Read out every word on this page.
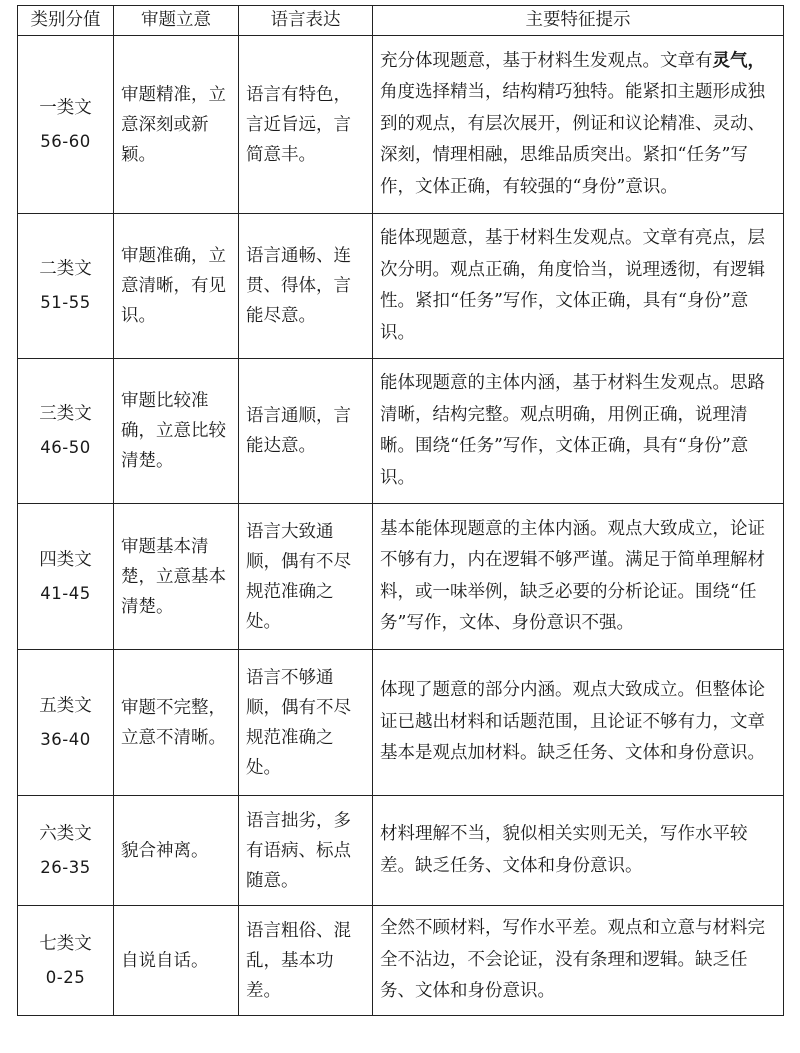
类别分值	审题立意	语言表达	主要特征提示

一类文
56-60	审题精准，立意深刻或新颖。	语言有特色，言近旨远，言简意丰。	充分体现题意，基于材料生发观点。文章有灵气，角度选择精当，结构精巧独特。能紧扣主题形成独到的观点，有层次展开，例证和议论精准、灵动、深刻，情理相融，思维品质突出。紧扣“任务”写作，文体正确，有较强的“身份”意识。

二类文
51-55	审题准确，立意清晰，有见识。	语言通畅、连贯、得体，言能尽意。	能体现题意，基于材料生发观点。文章有亮点，层次分明。观点正确，角度恰当，说理透彻，有逻辑性。紧扣“任务”写作，文体正确，具有“身份”意识。

三类文
46-50	审题比较准确，立意比较清楚。	语言通顺，言能达意。	能体现题意的主体内涵，基于材料生发观点。思路清晰，结构完整。观点明确，用例正确，说理清晰。围绕“任务”写作，文体正确，具有“身份”意识。

四类文
41-45	审题基本清楚，立意基本清楚。	语言大致通顺，偶有不尽规范准确之处。	基本能体现题意的主体内涵。观点大致成立，论证不够有力，内在逻辑不够严谨。满足于简单理解材料，或一味举例，缺乏必要的分析论证。围绕“任务”写作，文体、身份意识不强。

五类文
36-40	审题不完整，立意不清晰。	语言不够通顺，偶有不尽规范准确之处。	体现了题意的部分内涵。观点大致成立。但整体论证已越出材料和话题范围，且论证不够有力，文章基本是观点加材料。缺乏任务、文体和身份意识。

六类文
26-35	貌合神离。	语言拙劣，多有语病、标点随意。	材料理解不当，貌似相关实则无关，写作水平较差。缺乏任务、文体和身份意识。

七类文
0-25	自说自话。	语言粗俗、混乱，基本功差。	全然不顾材料，写作水平差。观点和立意与材料完全不沾边，不会论证，没有条理和逻辑。缺乏任务、文体和身份意识。
